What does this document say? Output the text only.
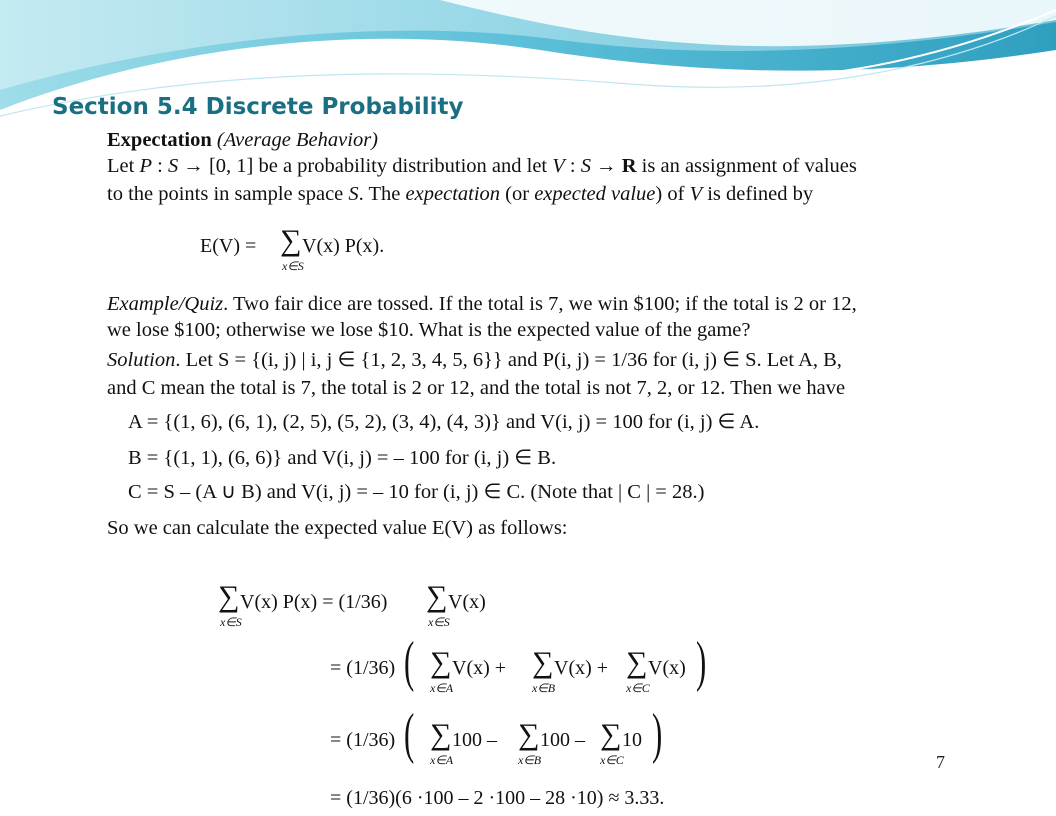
Section 5.4 Discrete Probability
Expectation (Average Behavior)
Let P : S → [0, 1] be a probability distribution and let V : S → R is an assignment of values
to the points in sample space S. The expectation (or expected value) of V is defined by
E(V) = ∑ V(x) P(x).
x∈S
Example/Quiz. Two fair dice are tossed. If the total is 7, we win $100; if the total is 2 or 12,
we lose $100; otherwise we lose $10. What is the expected value of the game?
Solution. Let S = {(i, j) | i, j ∈ {1, 2, 3, 4, 5, 6}} and P(i, j) = 1/36 for (i, j) ∈ S. Let A, B,
and C mean the total is 7, the total is 2 or 12, and the total is not 7, 2, or 12. Then we have
A = {(1, 6), (6, 1), (2, 5), (5, 2), (3, 4), (4, 3)} and V(i, j) = 100 for (i, j) ∈ A.
B = {(1, 1), (6, 6)} and V(i, j) = – 100 for (i, j) ∈ B.
C = S – (A ∪ B) and V(i, j) = – 10 for (i, j) ∈ C. (Note that | C | = 28.)
So we can calculate the expected value E(V) as follows:
∑ V(x) P(x) = (1/36)
x∈S
∑ V(x)
x∈S
= (1/36) ( ∑ V(x) +
x∈A
∑ V(x) +
x∈B
∑ V(x)
x∈C )
= (1/36) ( ∑ 100 –
x∈A
∑ 100 –
x∈B
∑ 10
x∈C )
= (1/36)(6 ·100 – 2 ·100 – 28 ·10) ≈ 3.33.
7
